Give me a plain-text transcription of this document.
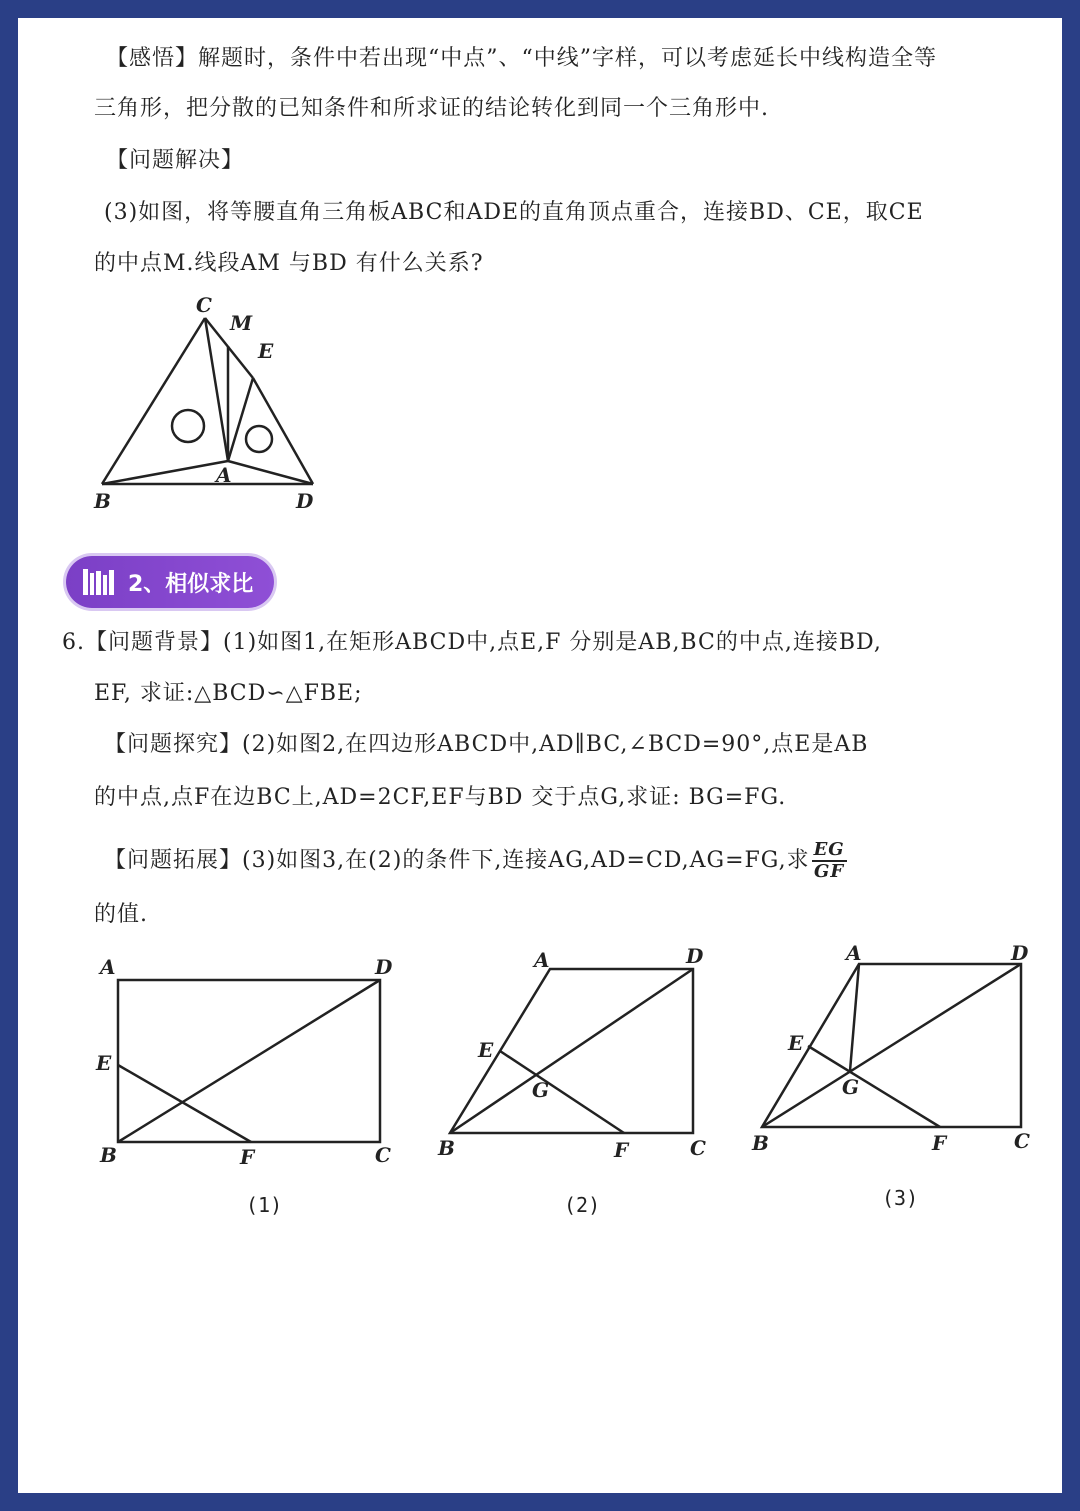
【感悟】解题时，条件中若出现“中点”、“中线”字样，可以考虑延长中线构造全等
三角形，把分散的已知条件和所求证的结论转化到同一个三角形中.
【问题解决】
(3)如图，将等腰直角三角板ABC和ADE的直角顶点重合，连接BD、CE，取CE
的中点M.线段AM 与BD 有什么关系?
C
M
E
A
B	D
2、相似求比
6.【问题背景】(1)如图1,在矩形ABCD中,点E,F 分别是AB,BC的中点,连接BD,
EF, 求证:△BCD∽△FBE;
【问题探究】(2)如图2,在四边形ABCD中,AD∥BC,∠BCD=90°,点E是AB
的中点,点F在边BC上,AD=2CF,EF与BD 交于点G,求证: BG=FG.
【问题拓展】(3)如图3,在(2)的条件下,连接AG,AD=CD,AG=FG,求 $\frac{EG}{GF}$
的值.
A	D
E
B	F	C
(1)
A	D
E
G
B	F	C
(2)
A	D
E
G
B	F	C
(3)
